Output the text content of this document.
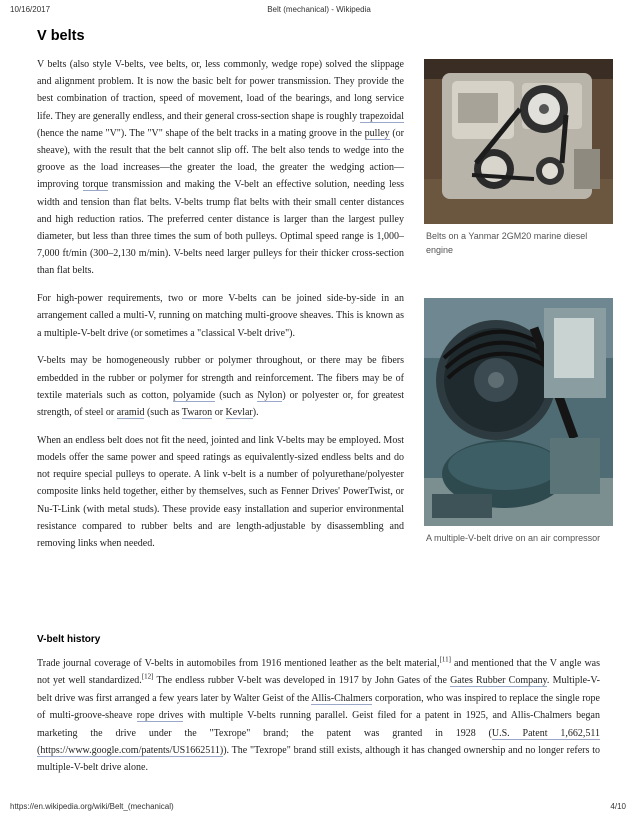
10/16/2017	Belt (mechanical) - Wikipedia
V belts

V belts (also style V-belts, vee belts, or, less commonly, wedge rope) solved the slippage and alignment problem. It is now the basic belt for power transmission. They provide the best combination of traction, speed of movement, load of the bearings, and long service life. They are generally endless, and their general cross-section shape is roughly trapezoidal (hence the name "V"). The "V" shape of the belt tracks in a mating groove in the pulley (or sheave), with the result that the belt cannot slip off. The belt also tends to wedge into the groove as the load increases—the greater the load, the greater the wedging action—improving torque transmission and making the V-belt an effective solution, needing less width and tension than flat belts. V-belts trump flat belts with their small center distances and high reduction ratios. The preferred center distance is larger than the largest pulley diameter, but less than three times the sum of both pulleys. Optimal speed range is 1,000–7,000 ft/min (300–2,130 m/min). V-belts need larger pulleys for their thicker cross-section than flat belts.

For high-power requirements, two or more V-belts can be joined side-by-side in an arrangement called a multi-V, running on matching multi-groove sheaves. This is known as a multiple-V-belt drive (or sometimes a "classical V-belt drive").

V-belts may be homogeneously rubber or polymer throughout, or there may be fibers embedded in the rubber or polymer for strength and reinforcement. The fibers may be of textile materials such as cotton, polyamide (such as Nylon) or polyester or, for greatest strength, of steel or aramid (such as Twaron or Kevlar).

When an endless belt does not fit the need, jointed and link V-belts may be employed. Most models offer the same power and speed ratings as equivalently-sized endless belts and do not require special pulleys to operate. A link v-belt is a number of polyurethane/polyester composite links held together, either by themselves, such as Fenner Drives' PowerTwist, or Nu-T-Link (with metal studs). These provide easy installation and superior environmental resistance compared to rubber belts and are length-adjustable by disassembling and removing links when needed.

Belts on a Yanmar 2GM20 marine diesel engine
A multiple-V-belt drive on an air compressor
V-belt history

Trade journal coverage of V-belts in automobiles from 1916 mentioned leather as the belt material,[11] and mentioned that the V angle was not yet well standardized.[12] The endless rubber V-belt was developed in 1917 by John Gates of the Gates Rubber Company. Multiple-V-belt drive was first arranged a few years later by Walter Geist of the Allis-Chalmers corporation, who was inspired to replace the single rope of multi-groove-sheave rope drives with multiple V-belts running parallel. Geist filed for a patent in 1925, and Allis-Chalmers began marketing the drive under the "Texrope" brand; the patent was granted in 1928 (U.S. Patent 1,662,511 (https://www.google.com/patents/US1662511)). The "Texrope" brand still exists, although it has changed ownership and no longer refers to multiple-V-belt drive alone.

https://en.wikipedia.org/wiki/Belt_(mechanical)	4/10
